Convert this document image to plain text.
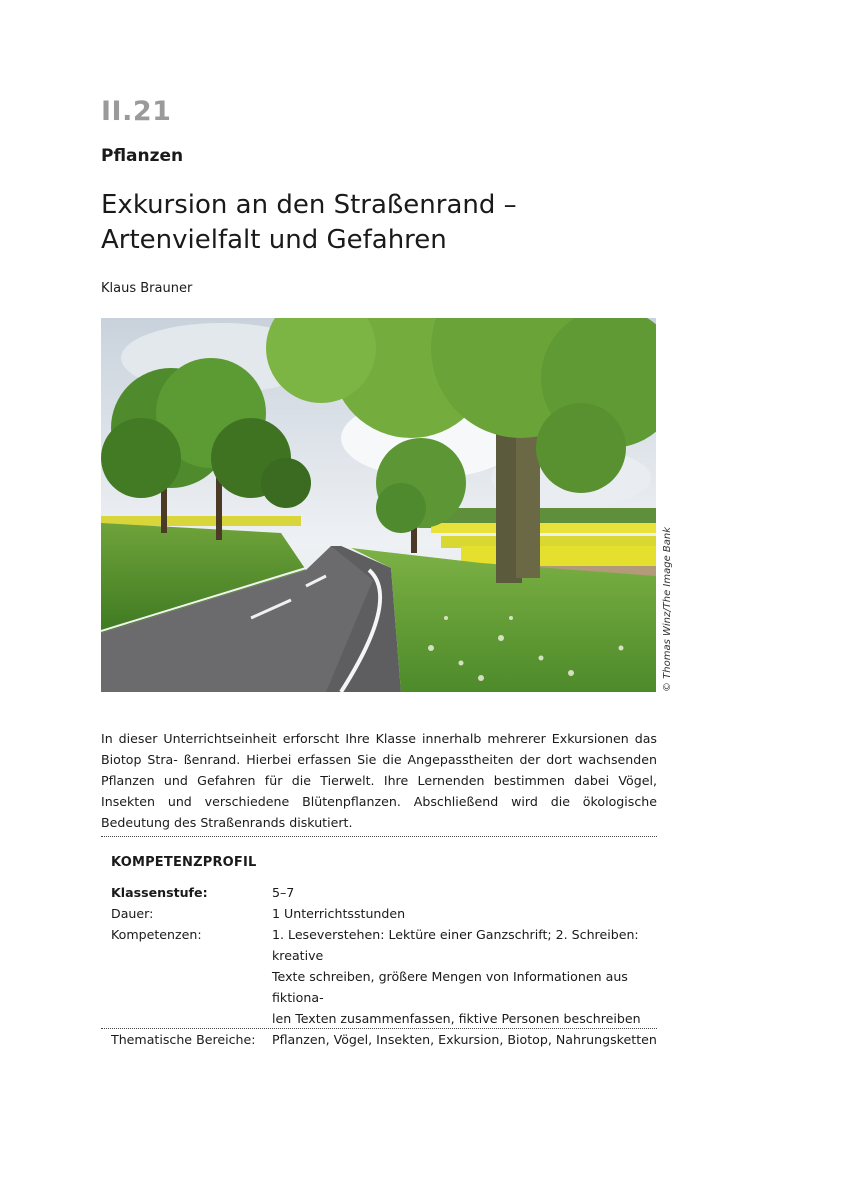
II.21
Pflanzen
Exkursion an den Straßenrand –
Artenvielfalt und Gefahren
Klaus Brauner
© Thomas Winz/The Image Bank

In dieser Unterrichtseinheit erforscht Ihre Klasse innerhalb mehrerer Exkursionen das Biotop Stra- ßenrand. Hierbei erfassen Sie die Angepasstheiten der dort wachsenden Pflanzen und Gefahren für die Tierwelt. Ihre Lernenden bestimmen dabei Vögel, Insekten und verschiedene Blütenpflanzen. Abschließend wird die ökologische Bedeutung des Straßenrands diskutiert.

KOMPETENZPROFIL
Klassenstufe:	5–7
Dauer:	1 Unterrichtsstunden
Kompetenzen:	1. Leseverstehen: Lektüre einer Ganzschrift; 2. Schreiben: kreative
Texte schreiben, größere Mengen von Informationen aus fiktiona-
len Texten zusammenfassen, fiktive Personen beschreiben
Thematische Bereiche:	Pflanzen, Vögel, Insekten, Exkursion, Biotop, Nahrungsketten
